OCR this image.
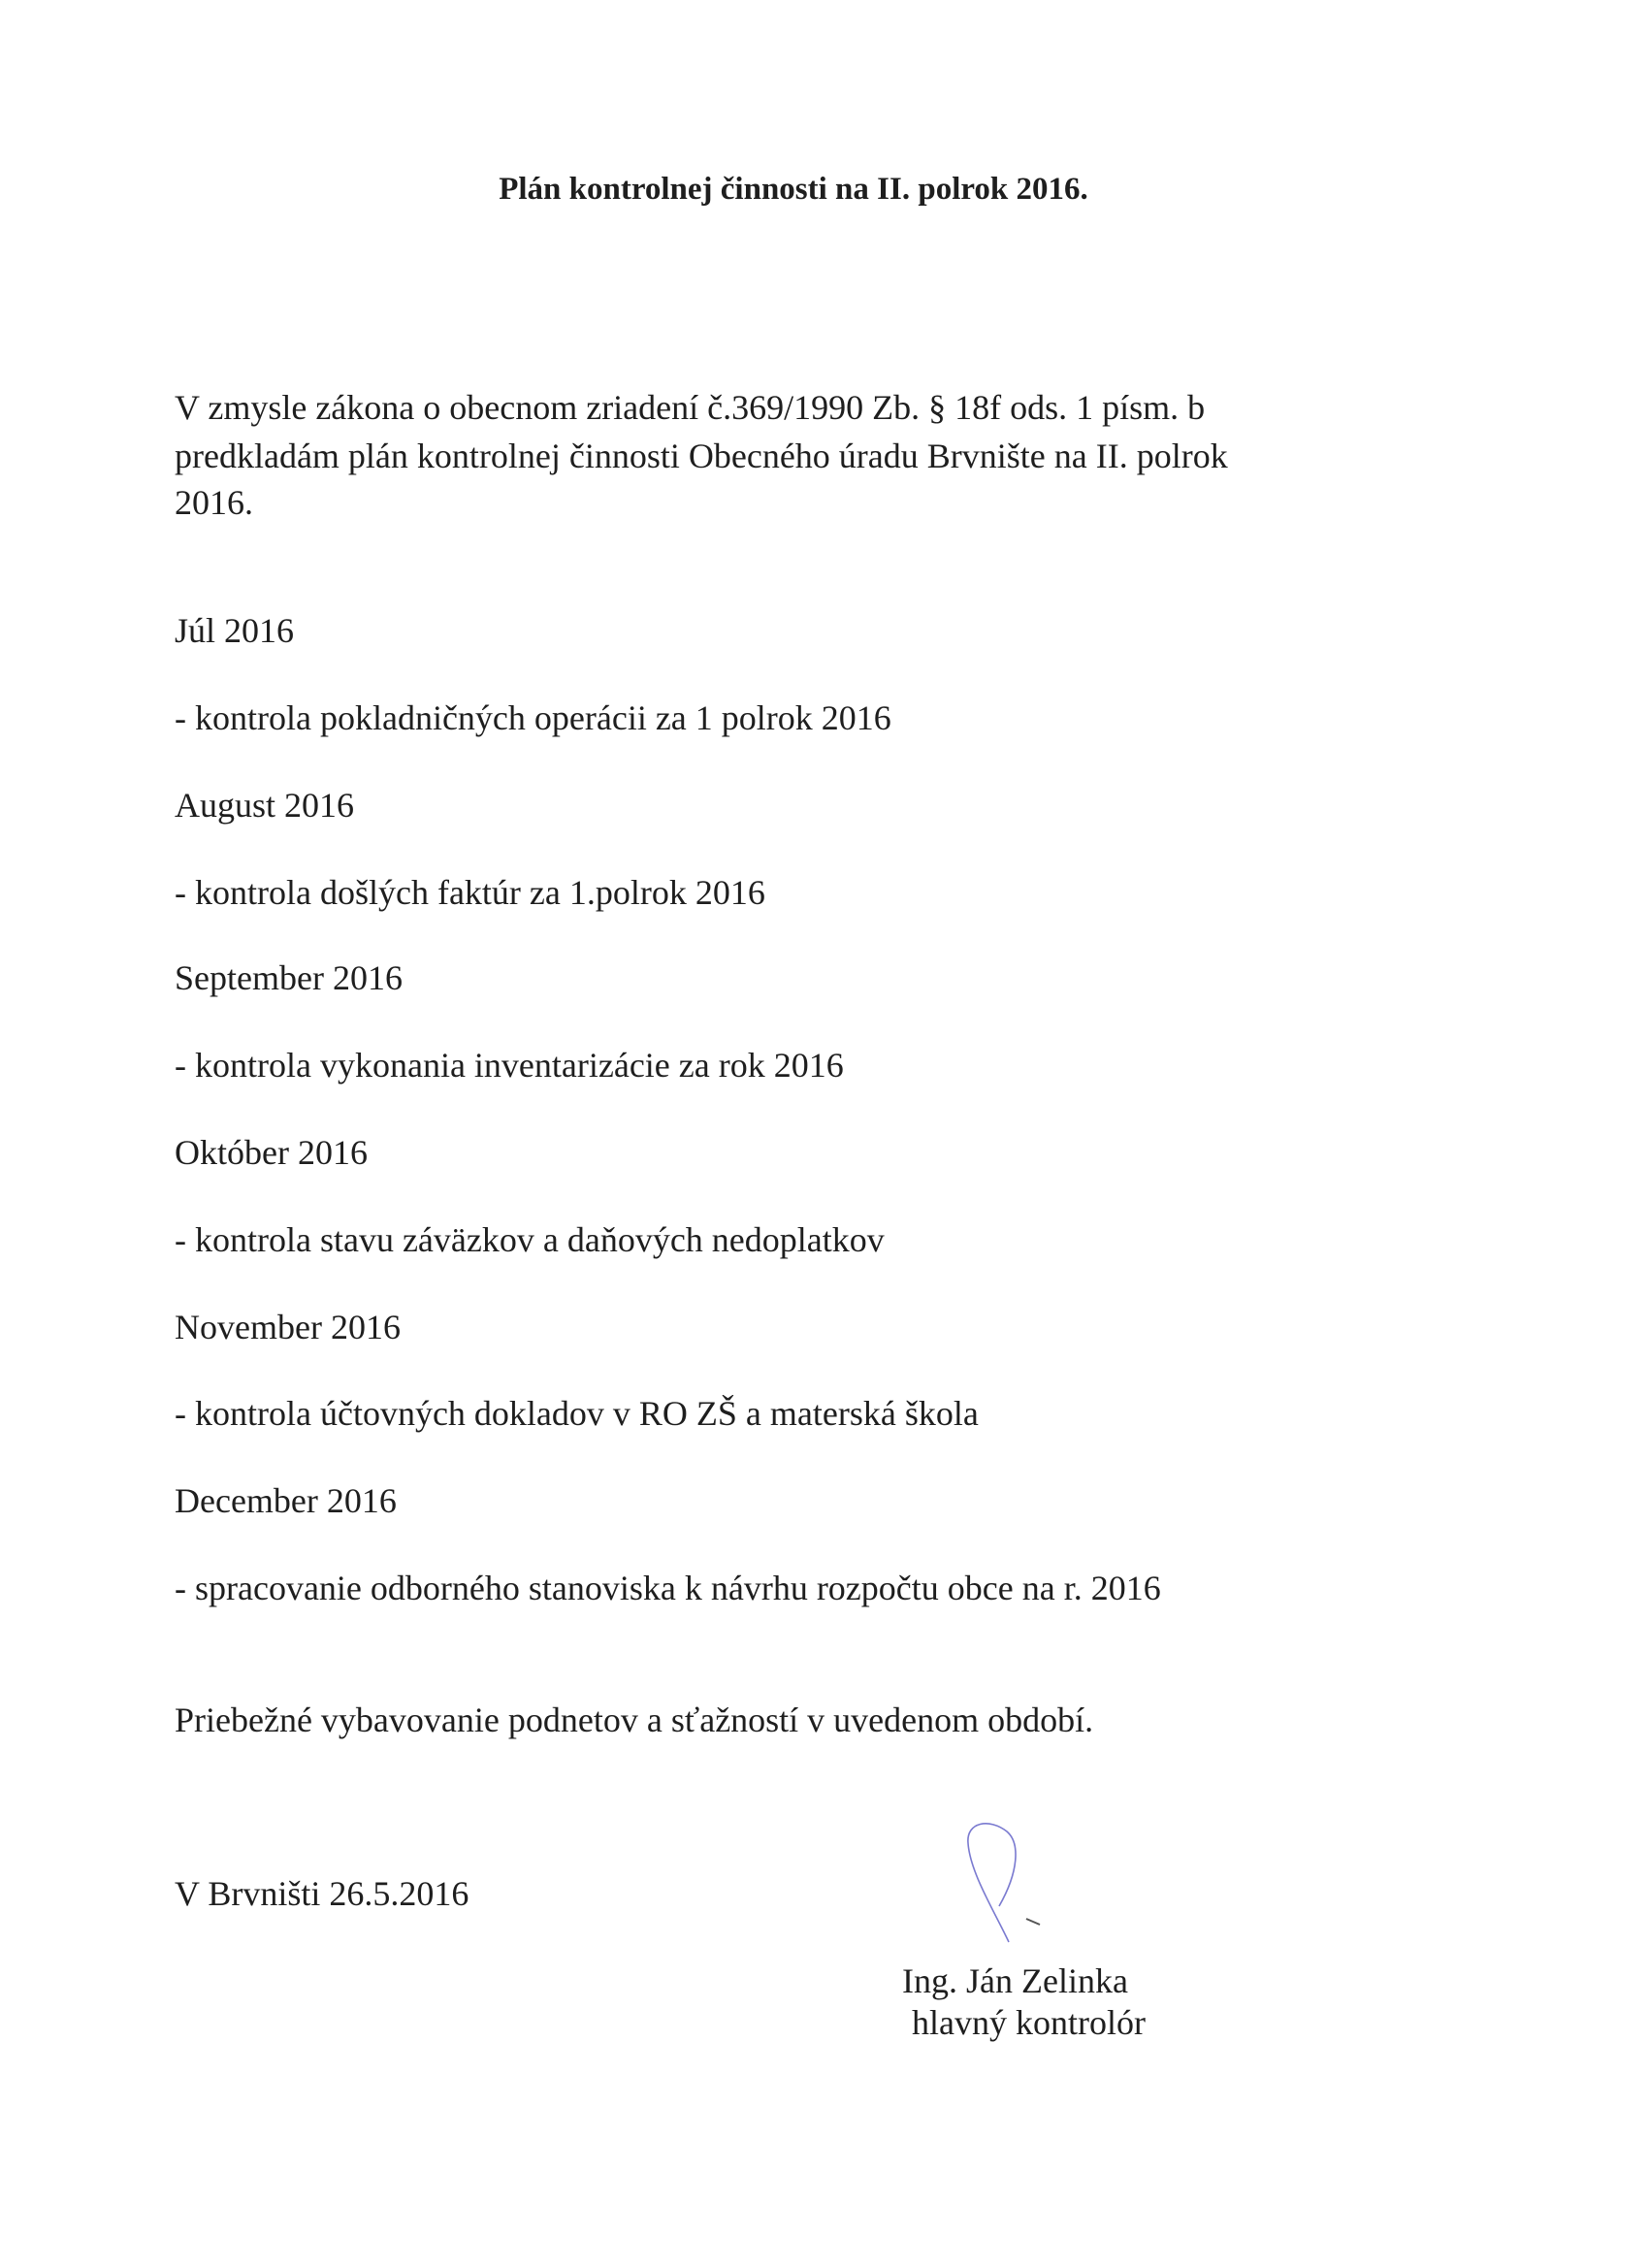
Plán kontrolnej činnosti na II. polrok 2016.
V zmysle zákona o obecnom zriadení č.369/1990 Zb. § 18f ods. 1 písm. b
predkladám plán kontrolnej činnosti Obecného úradu Brvnište na II. polrok
2016.
Júl 2016
- kontrola pokladničných operácii za 1 polrok 2016
August 2016
- kontrola došlých faktúr za 1.polrok 2016
September 2016
- kontrola vykonania inventarizácie za rok 2016
Október 2016
- kontrola stavu záväzkov a daňových nedoplatkov
November 2016
- kontrola účtovných dokladov v RO ZŠ a materská škola
December 2016
- spracovanie odborného stanoviska k návrhu rozpočtu obce na r. 2016
Priebežné vybavovanie podnetov a sťažností v uvedenom období.
V Brvništi 26.5.2016
Ing. Ján Zelinka
hlavný kontrolór
